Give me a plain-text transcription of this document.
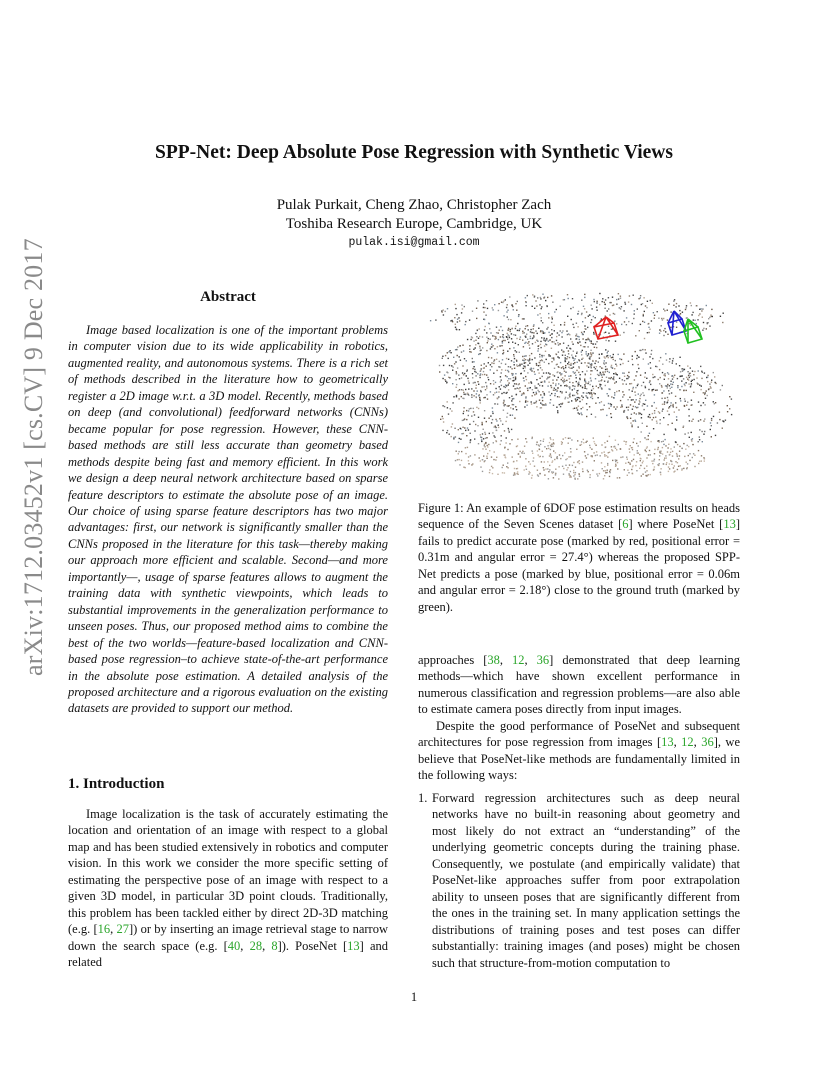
arXiv:1712.03452v1 [cs.CV] 9 Dec 2017
SPP-Net: Deep Absolute Pose Regression with Synthetic Views
Pulak Purkait, Cheng Zhao, Christopher Zach
Toshiba Research Europe, Cambridge, UK
pulak.isi@gmail.com
Abstract

Image based localization is one of the important problems in computer vision due to its wide applicability in robotics, augmented reality, and autonomous systems. There is a rich set of methods described in the literature how to geometrically register a 2D image w.r.t. a 3D model. Recently, methods based on deep (and convolutional) feedforward networks (CNNs) became popular for pose regression. However, these CNN-based methods are still less accurate than geometry based methods despite being fast and memory efficient. In this work we design a deep neural network architecture based on sparse feature descriptors to estimate the absolute pose of an image. Our choice of using sparse feature descriptors has two major advantages: first, our network is significantly smaller than the CNNs proposed in the literature for this task—thereby making our approach more efficient and scalable. Second—and more importantly—, usage of sparse features allows to augment the training data with synthetic viewpoints, which leads to substantial improvements in the generalization performance to unseen poses. Thus, our proposed method aims to combine the best of the two worlds—feature-based localization and CNN-based pose regression–to achieve state-of-the-art performance in the absolute pose estimation. A detailed analysis of the proposed architecture and a rigorous evaluation on the existing datasets are provided to support our method.

1. Introduction

Image localization is the task of accurately estimating the location and orientation of an image with respect to a global map and has been studied extensively in robotics and computer vision. In this work we consider the more specific setting of estimating the perspective pose of an image with respect to a given 3D model, in particular 3D point clouds. Traditionally, this problem has been tackled either by direct 2D-3D matching (e.g. [16, 27]) or by inserting an image retrieval stage to narrow down the search space (e.g. [40, 28, 8]). PoseNet [13] and related

Figure 1: An example of 6DOF pose estimation results on heads sequence of the Seven Scenes dataset [6] where PoseNet [13] fails to predict accurate pose (marked by red, positional error = 0.31m and angular error = 27.4°) whereas the proposed SPP-Net predicts a pose (marked by blue, positional error = 0.06m and angular error = 2.18°) close to the ground truth (marked by green).

approaches [38, 12, 36] demonstrated that deep learning methods—which have shown excellent performance in numerous classification and regression problems—are also able to estimate camera poses directly from input images.

Despite the good performance of PoseNet and subsequent architectures for pose regression from images [13, 12, 36], we believe that PoseNet-like methods are fundamentally limited in the following ways:

1. Forward regression architectures such as deep neural networks have no built-in reasoning about geometry and most likely do not extract an “understanding” of the underlying geometric concepts during the training phase. Consequently, we postulate (and empirically validate) that PoseNet-like approaches suffer from poor extrapolation ability to unseen poses that are significantly different from the ones in the training set. In many application settings the distributions of training poses and test poses can differ substantially: training images (and poses) might be chosen such that structure-from-motion computation to
1
